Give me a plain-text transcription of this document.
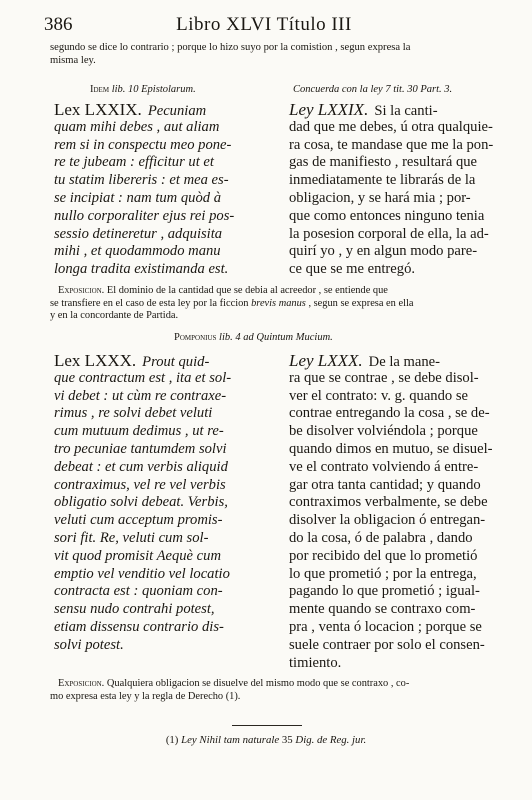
386	Libro XLVI Título III
segundo se dice lo contrario ; porque lo hizo suyo por la comistion , segun expresa la
misma ley.
Idem lib. 10 Epistolarum.	Concuerda con la ley 7 tit. 30 Part. 3.
Lex LXXIX. Pecuniam
quam mihi debes , aut aliam
rem si in conspectu meo pone-
re te jubeam : efficitur ut et
tu statim libereris : et mea es-
se incipiat : nam tum quòd à
nullo corporaliter ejus rei pos-
sessio detineretur , adquisita
mihi , et quodammodo manu
longa tradita existimanda est.
Ley LXXIX. Si la canti-
dad que me debes, ú otra qualquie-
ra cosa, te mandase que me la pon-
gas de manifiesto , resultará que
inmediatamente te librarás de la
obligacion, y se hará mia ; por-
que como entonces ninguno tenia
la posesion corporal de ella, la ad-
quirí yo , y en algun modo pare-
ce que se me entregó.
Exposicion. El dominio de la cantidad que se debia al acreedor , se entiende que
se transfiere en el caso de esta ley por la ficcion brevis manus , segun se expresa en ella
y en la concordante de Partida.
Pomponius lib. 4 ad Quintum Mucium.
Lex LXXX. Prout quid-
que contractum est , ita et sol-
vi debet : ut cùm re contraxe-
rimus , re solvi debet veluti
cum mutuum dedimus , ut re-
tro pecuniae tantumdem solvi
debeat : et cum verbis aliquid
contraximus, vel re vel verbis
obligatio solvi debeat. Verbis,
veluti cum acceptum promis-
sori fit. Re, veluti cum sol-
vit quod promisit Aequè cum
emptio vel venditio vel locatio
contracta est : quoniam con-
sensu nudo contrahi potest,
etiam dissensu contrario dis-
solvi potest.
Ley LXXX. De la mane-
ra que se contrae , se debe disol-
ver el contrato: v. g. quando se
contrae entregando la cosa , se de-
be disolver volviéndola ; porque
quando dimos en mutuo, se disuel-
ve el contrato volviendo á entre-
gar otra tanta cantidad; y quando
contraximos verbalmente, se debe
disolver la obligacion ó entregan-
do la cosa, ó de palabra , dando
por recibido del que lo prometió
lo que prometió ; por la entrega,
pagando lo que prometió ; igual-
mente quando se contraxo com-
pra , venta ó locacion ; porque se
suele contraer por solo el consen-
timiento.
Exposicion. Qualquiera obligacion se disuelve del mismo modo que se contraxo , co-
mo expresa esta ley y la regla de Derecho (1).
(1) Ley Nihil tam naturale 35 Dig. de Reg. jur.
